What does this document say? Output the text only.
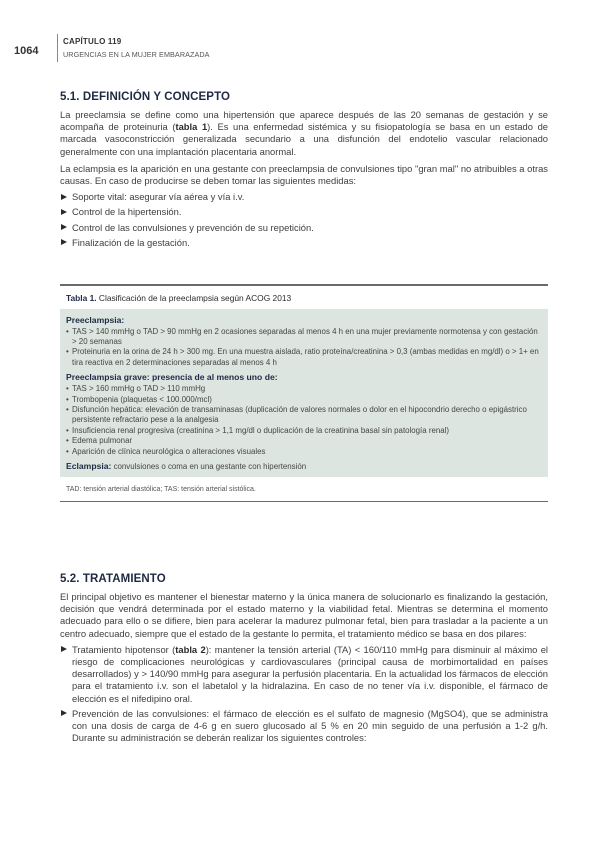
1064
CAPÍTULO 119
URGENCIAS EN LA MUJER EMBARAZADA
5.1. DEFINICIÓN Y CONCEPTO

La preeclamsia se define como una hipertensión que aparece después de las 20 semanas de gestación y se acompaña de proteinuria (tabla 1). Es una enfermedad sistémica y su fisiopatología se basa en un estado de marcada vasoconstricción generalizada secundario a una disfunción del endotelio vascular relacionado generalmente con una implantación placentaria anormal.

La eclampsia es la aparición en una gestante con preeclampsia de convulsiones tipo "gran mal" no atribuibles a otras causas. En caso de producirse se deben tomar las siguientes medidas:

Soporte vital: asegurar vía aérea y vía i.v.
Control de la hipertensión.
Control de las convulsiones y prevención de su repetición.
Finalización de la gestación.
Tabla 1. Clasificación de la preeclampsia según ACOG 2013
Preeclampsia:
• TAS > 140 mmHg o TAD > 90 mmHg en 2 ocasiones separadas al menos 4 h en una mujer previamente normotensa y con gestación > 20 semanas
• Proteinuria en la orina de 24 h > 300 mg. En una muestra aislada, ratio proteína/creatinina > 0,3 (ambas medidas en mg/dl) o > 1+ en tira reactiva en 2 determinaciones separadas al menos 4 h
Preeclampsia grave: presencia de al menos uno de:
• TAS > 160 mmHg o TAD > 110 mmHg
• Trombopenia (plaquetas < 100.000/mcl)
• Disfunción hepática: elevación de transaminasas (duplicación de valores normales o dolor en el hipocondrio derecho o epigástrico persistente refractario pese a la analgesia
• Insuficiencia renal progresiva (creatinina > 1,1 mg/dl o duplicación de la creatinina basal sin patología renal)
• Edema pulmonar
• Aparición de clínica neurológica o alteraciones visuales
Eclampsia: convulsiones o coma en una gestante con hipertensión
TAD: tensión arterial diastólica; TAS: tensión arterial sistólica.
5.2. TRATAMIENTO

El principal objetivo es mantener el bienestar materno y la única manera de solucionarlo es finalizando la gestación, decisión que vendrá determinada por el estado materno y la viabilidad fetal. Mientras se determina el momento adecuado para ello o se difiere, bien para acelerar la madurez pulmonar fetal, bien para trasladar a la paciente a un centro adecuado, siempre que el estado de la gestante lo permita, el tratamiento médico se basa en dos pilares:

Tratamiento hipotensor (tabla 2): mantener la tensión arterial (TA) < 160/110 mmHg para disminuir al máximo el riesgo de complicaciones neurológicas y cardiovasculares (principal causa de morbimortalidad en países desarrollados) y > 140/90 mmHg para asegurar la perfusión placentaria. En la actualidad los fármacos de elección para el tratamiento i.v. son el labetalol y la hidralazina. En caso de no tener vía i.v. disponible, el fármaco de elección es el nifedipino oral.
Prevención de las convulsiones: el fármaco de elección es el sulfato de magnesio (MgSO4), que se administra con una dosis de carga de 4-6 g en suero glucosado al 5 % en 20 min seguido de una perfusión a 1-2 g/h. Durante su administración se deberán realizar los siguientes controles:
